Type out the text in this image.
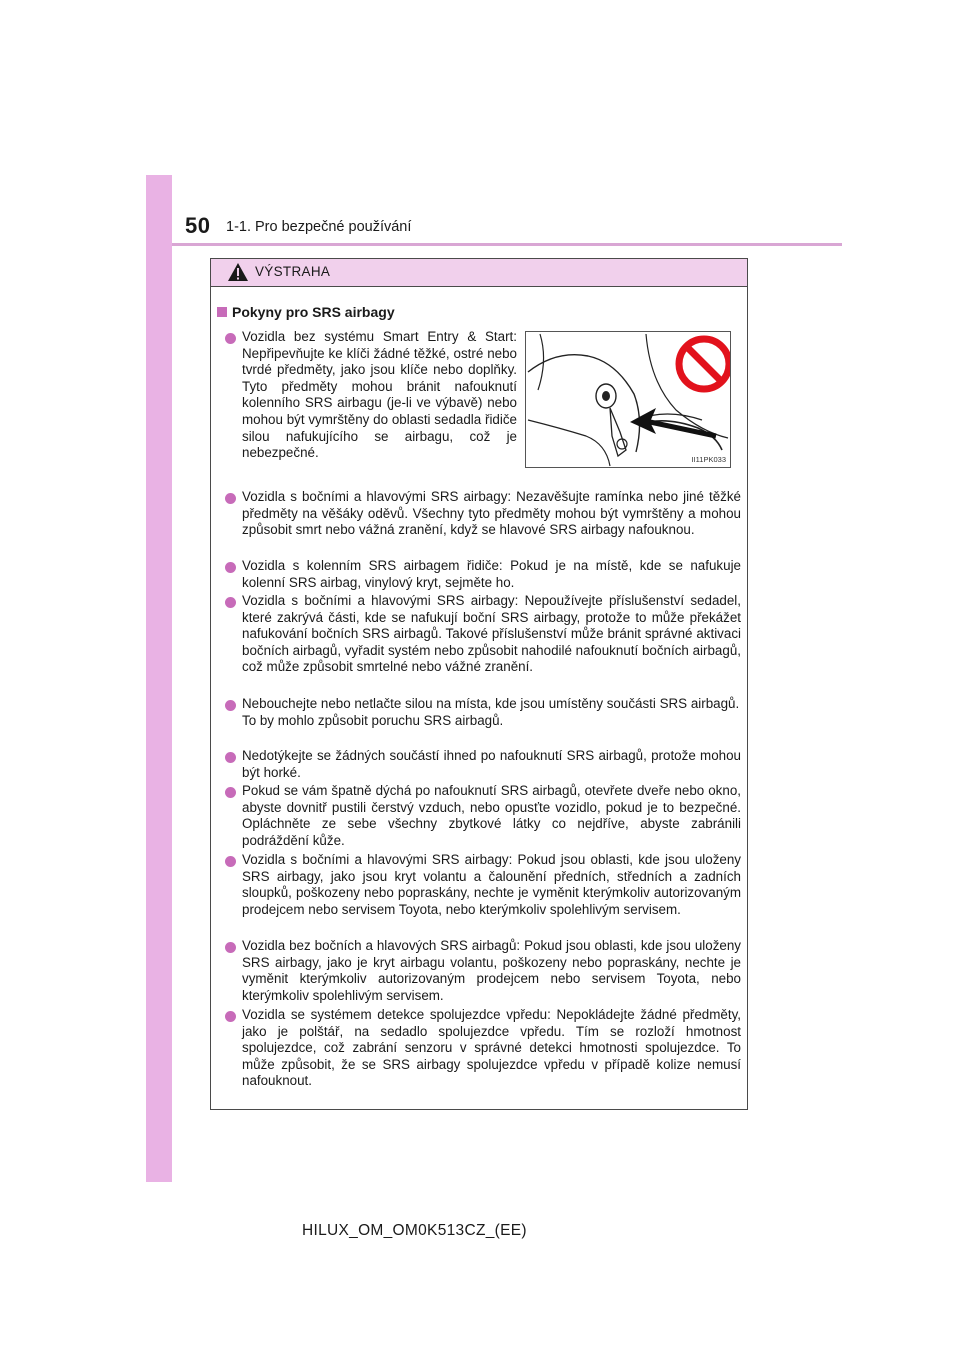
50 1-1. Pro bezpečné používání
VÝSTRAHA
Pokyny pro SRS airbagy
Vozidla bez systému Smart Entry & Start: Nepřipevňujte ke klíči žádné těžké, ostré nebo tvrdé předměty, jako jsou klíče nebo doplňky. Tyto předměty mohou bránit nafouknutí kolenního SRS airbagu (je-li ve výbavě) nebo mohou být vymrštěny do oblasti sedadla řidiče silou nafukujícího se airbagu, což je nebezpečné.	II11PK033
Vozidla s bočními a hlavovými SRS airbagy: Nezavěšujte ramínka nebo jiné těžké předměty na věšáky oděvů. Všechny tyto předměty mohou být vymrštěny a mohou způsobit smrt nebo vážná zranění, když se hlavové SRS airbagy nafouknou.
Vozidla s kolenním SRS airbagem řidiče: Pokud je na místě, kde se nafukuje kolenní SRS airbag, vinylový kryt, sejměte ho.
Vozidla s bočními a hlavovými SRS airbagy: Nepoužívejte příslušenství sedadel, které zakrývá části, kde se nafukují boční SRS airbagy, protože to může překážet nafukování bočních SRS airbagů. Takové příslušenství může bránit správné aktivaci bočních airbagů, vyřadit systém nebo způsobit nahodilé nafouknutí bočních airbagů, což může způsobit smrtelné nebo vážné zranění.
Nebouchejte nebo netlačte silou na místa, kde jsou umístěny součásti SRS airbagů.
To by mohlo způsobit poruchu SRS airbagů.
Nedotýkejte se žádných součástí ihned po nafouknutí SRS airbagů, protože mohou být horké.
Pokud se vám špatně dýchá po nafouknutí SRS airbagů, otevřete dveře nebo okno, abyste dovnitř pustili čerstvý vzduch, nebo opusťte vozidlo, pokud je to bezpečné. Opláchněte ze sebe všechny zbytkové látky co nejdříve, abyste zabránili podráždění kůže.
Vozidla s bočními a hlavovými SRS airbagy: Pokud jsou oblasti, kde jsou uloženy SRS airbagy, jako jsou kryt volantu a čalounění předních, středních a zadních sloupků, poškozeny nebo popraskány, nechte je vyměnit kterýmkoliv autorizovaným prodejcem nebo servisem Toyota, nebo kterýmkoliv spolehlivým servisem.
Vozidla bez bočních a hlavových SRS airbagů: Pokud jsou oblasti, kde jsou uloženy SRS airbagy, jako je kryt airbagu volantu, poškozeny nebo popraskány, nechte je vyměnit kterýmkoliv autorizovaným prodejcem nebo servisem Toyota, nebo kterýmkoliv spolehlivým servisem.
Vozidla se systémem detekce spolujezdce vpředu: Nepokládejte žádné předměty, jako je polštář, na sedadlo spolujezdce vpředu. Tím se rozloží hmotnost spolujezdce, což zabrání senzoru v správné detekci hmotnosti spolujezdce. To může způsobit, že se SRS airbagy spolujezdce vpředu v případě kolize nemusí nafouknout.
HILUX_OM_OM0K513CZ_(EE)
